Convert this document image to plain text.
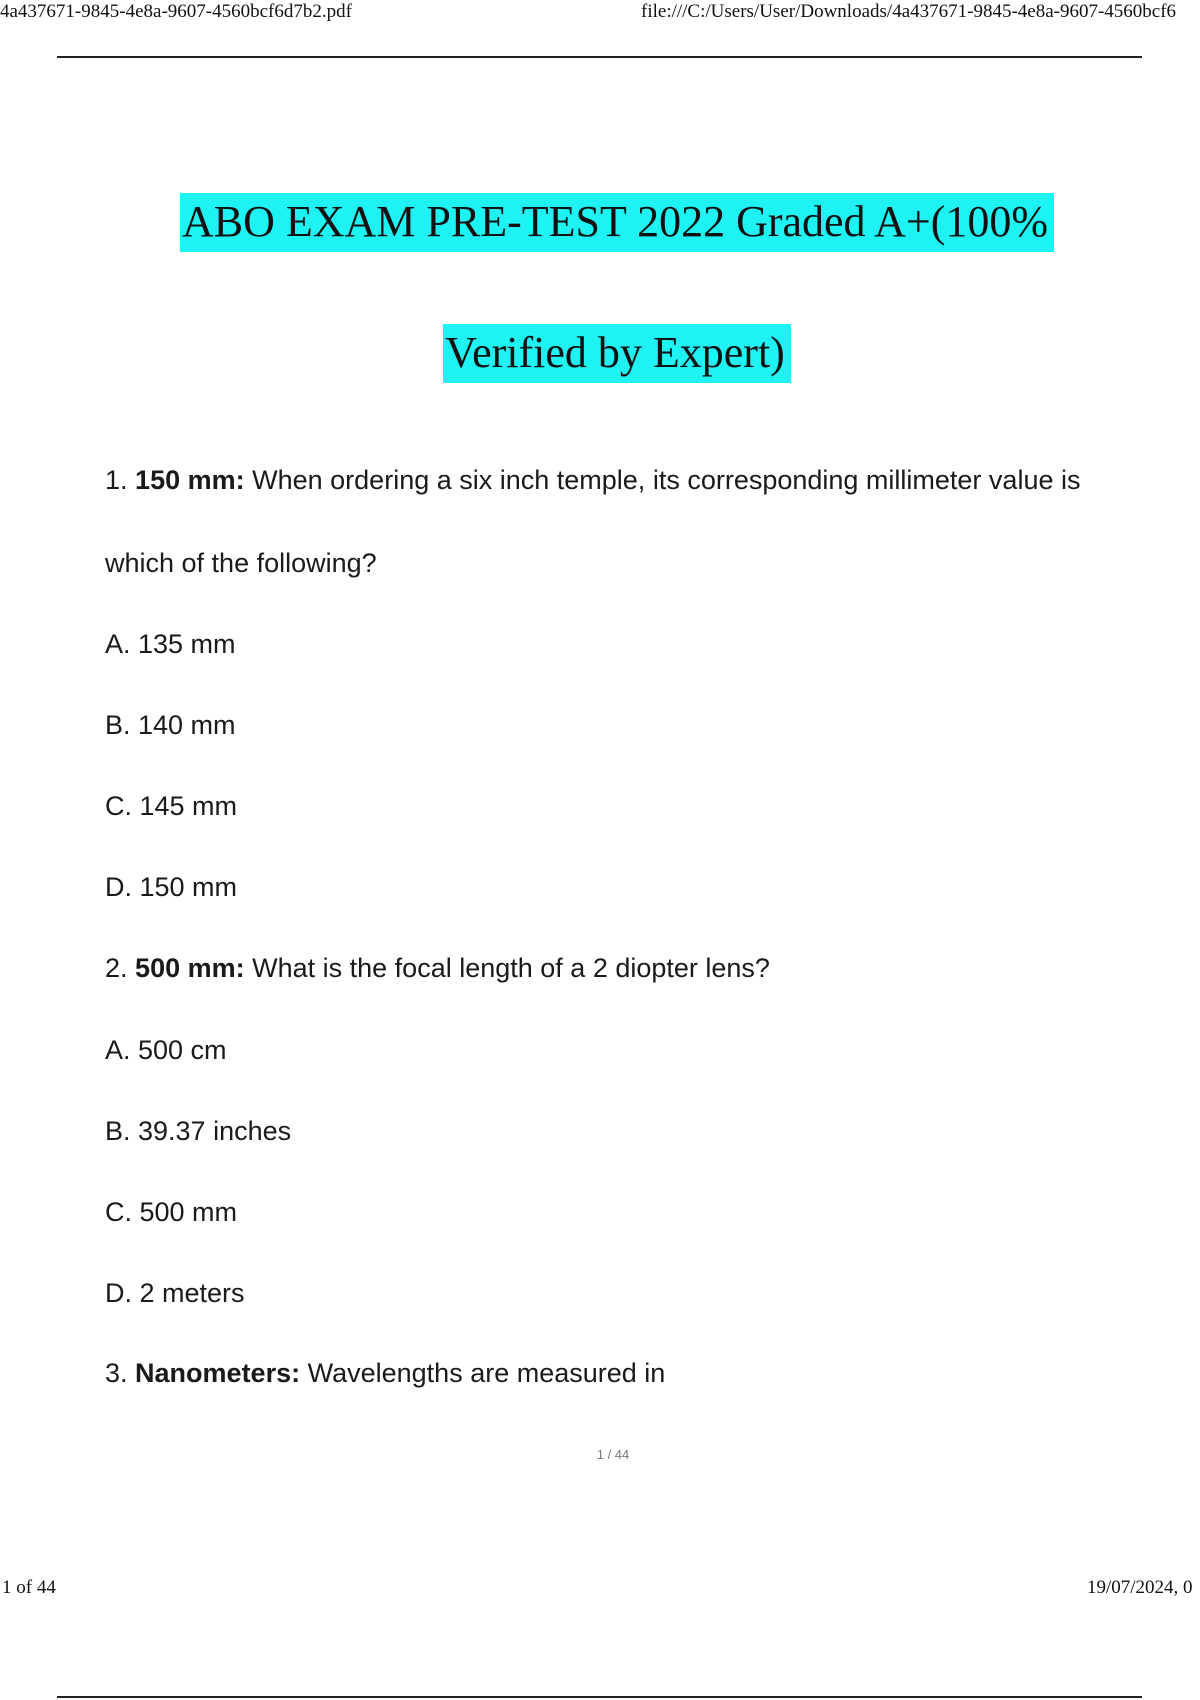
4a437671-9845-4e8a-9607-4560bcf6d7b2.pdf	file:///C:/Users/User/Downloads/4a437671-9845-4e8a-9607-4560bcf6
ABO EXAM PRE-TEST 2022 Graded A+(100%
Verified by Expert)
1. 150 mm: When ordering a six inch temple, its corresponding millimeter value is
which of the following?
A. 135 mm
B. 140 mm
C. 145 mm
D. 150 mm
2. 500 mm: What is the focal length of a 2 diopter lens?
A. 500 cm
B. 39.37 inches
C. 500 mm
D. 2 meters
3. Nanometers: Wavelengths are measured in
1 / 44
1 of 44	19/07/2024, 0
